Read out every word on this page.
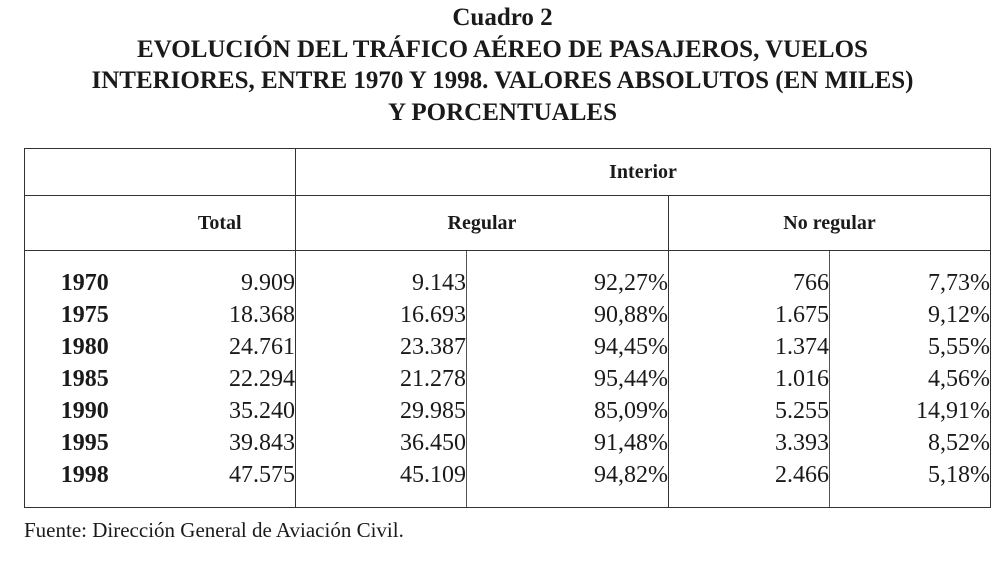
Cuadro 2
EVOLUCIÓN DEL TRÁFICO AÉREO DE PASAJEROS, VUELOS
INTERIORES, ENTRE 1970 Y 1998. VALORES ABSOLUTOS (EN MILES)
Y PORCENTUALES
		Interior			
	Total	Regular		No regular	
1970	9.909	9.143	92,27%	766	7,73%
1975	18.368	16.693	90,88%	1.675	9,12%
1980	24.761	23.387	94,45%	1.374	5,55%
1985	22.294	21.278	95,44%	1.016	4,56%
1990	35.240	29.985	85,09%	5.255	14,91%
1995	39.843	36.450	91,48%	3.393	8,52%
1998	47.575	45.109	94,82%	2.466	5,18%
Fuente: Dirección General de Aviación Civil.
